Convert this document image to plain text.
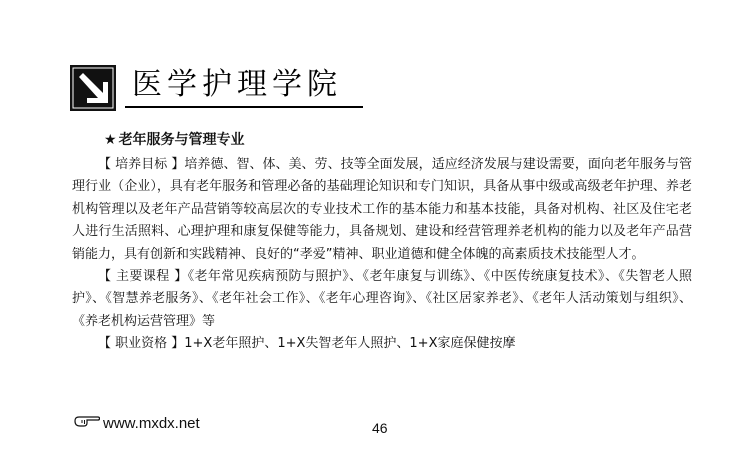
医学护理学院
★ 老年服务与管理专业

【 培养目标 】培养德、智、体、美、劳、技等全面发展，适应经济发展与建设需要，面向老年服务与管理行业（企业），具有老年服务和管理必备的基础理论知识和专门知识，具备从事中级或高级老年护理、养老机构管理以及老年产品营销等较高层次的专业技术工作的基本能力和基本技能，具备对机构、社区及住宅老人进行生活照料、心理护理和康复保健等能力，具备规划、建设和经营管理养老机构的能力以及老年产品营销能力，具有创新和实践精神、良好的“孝爱”精神、职业道德和健全体魄的高素质技术技能型人才。

【 主要课程 】《老年常见疾病预防与照护》、《老年康复与训练》、《中医传统康复技术》、《失智老人照护》、《智慧养老服务》、《老年社会工作》、《老年心理咨询》、《社区居家养老》、《老年人活动策划与组织》、《养老机构运营管理》等

【 职业资格 】1+X老年照护、1+X失智老年人照护、1+X家庭保健按摩

www.mxdx.net	46
